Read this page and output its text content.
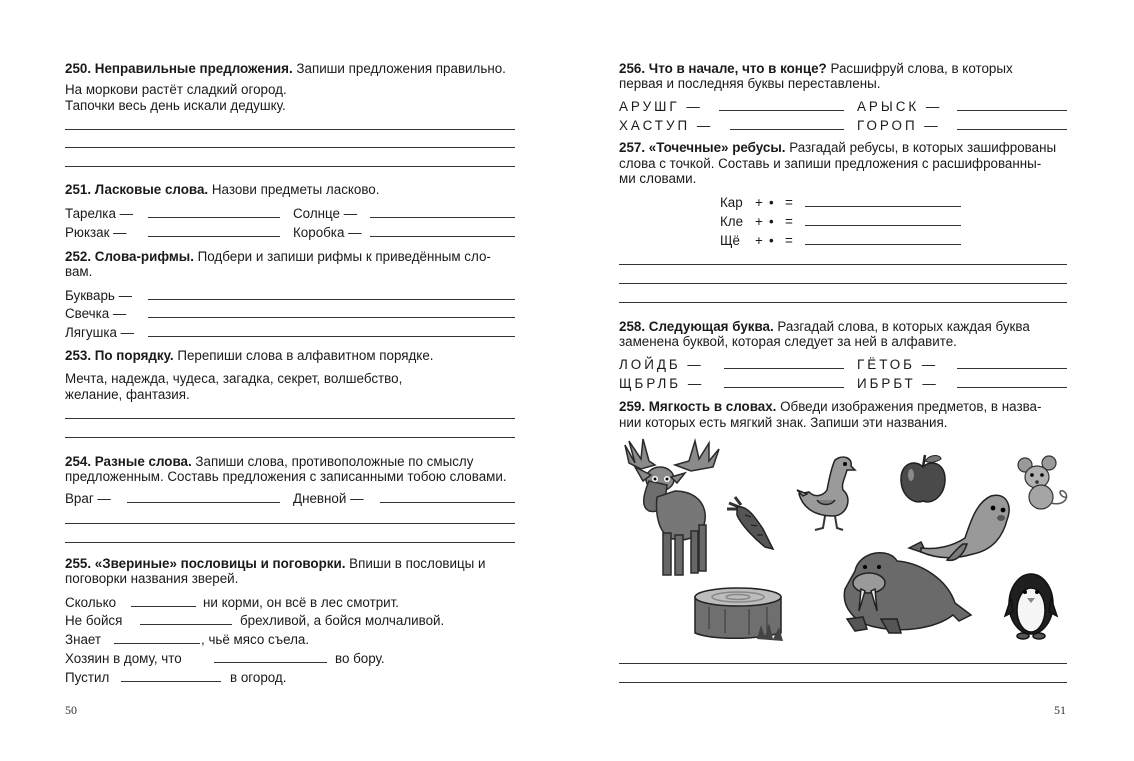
250. Неправильные предложения. Запиши предложения правильно.
На моркови растёт сладкий огород.
Тапочки весь день искали дедушку.
251. Ласковые слова. Назови предметы ласково.
Тарелка —	Солнце —
Рюкзак —	Коробка —
252. Слова-рифмы. Подбери и запиши рифмы к приведённым сло-
вам.
Букварь —
Свечка —
Лягушка —
253. По порядку. Перепиши слова в алфавитном порядке.
Мечта, надежда, чудеса, загадка, секрет, волшебство,
желание, фантазия.
254. Разные слова. Запиши слова, противоположные по смыслу
предложенным. Составь предложения с записанными тобою словами.
Враг —	Дневной —
255. «Звериные» пословицы и поговорки. Впиши в пословицы и
поговорки названия зверей.
Сколько	ни корми, он всё в лес смотрит.
Не бойся	брехливой, а бойся молчаливой.
Знает	, чьё мясо съела.
Хозяин в дому, что	во бору.
Пустил	в огород.
50
256. Что в начале, что в конце? Расшифруй слова, в которых
первая и последняя буквы переставлены.
АРУШГ —	АРЫСК —
ХАСТУП —	ГОРОП —
257. «Точечные» ребусы. Разгадай ребусы, в которых зашифрованы
слова с точкой. Составь и запиши предложения с расшифрованны-
ми словами.
Кар + • =
Кле + • =
Щё + • =
258. Следующая буква. Разгадай слова, в которых каждая буква
заменена буквой, которая следует за ней в алфавите.
ЛОЙДБ —	ГЁТОБ —
ЩБРЛБ —	ИБРБТ —
259. Мягкость в словах. Обведи изображения предметов, в назва-
нии которых есть мягкий знак. Запиши эти названия.
51
